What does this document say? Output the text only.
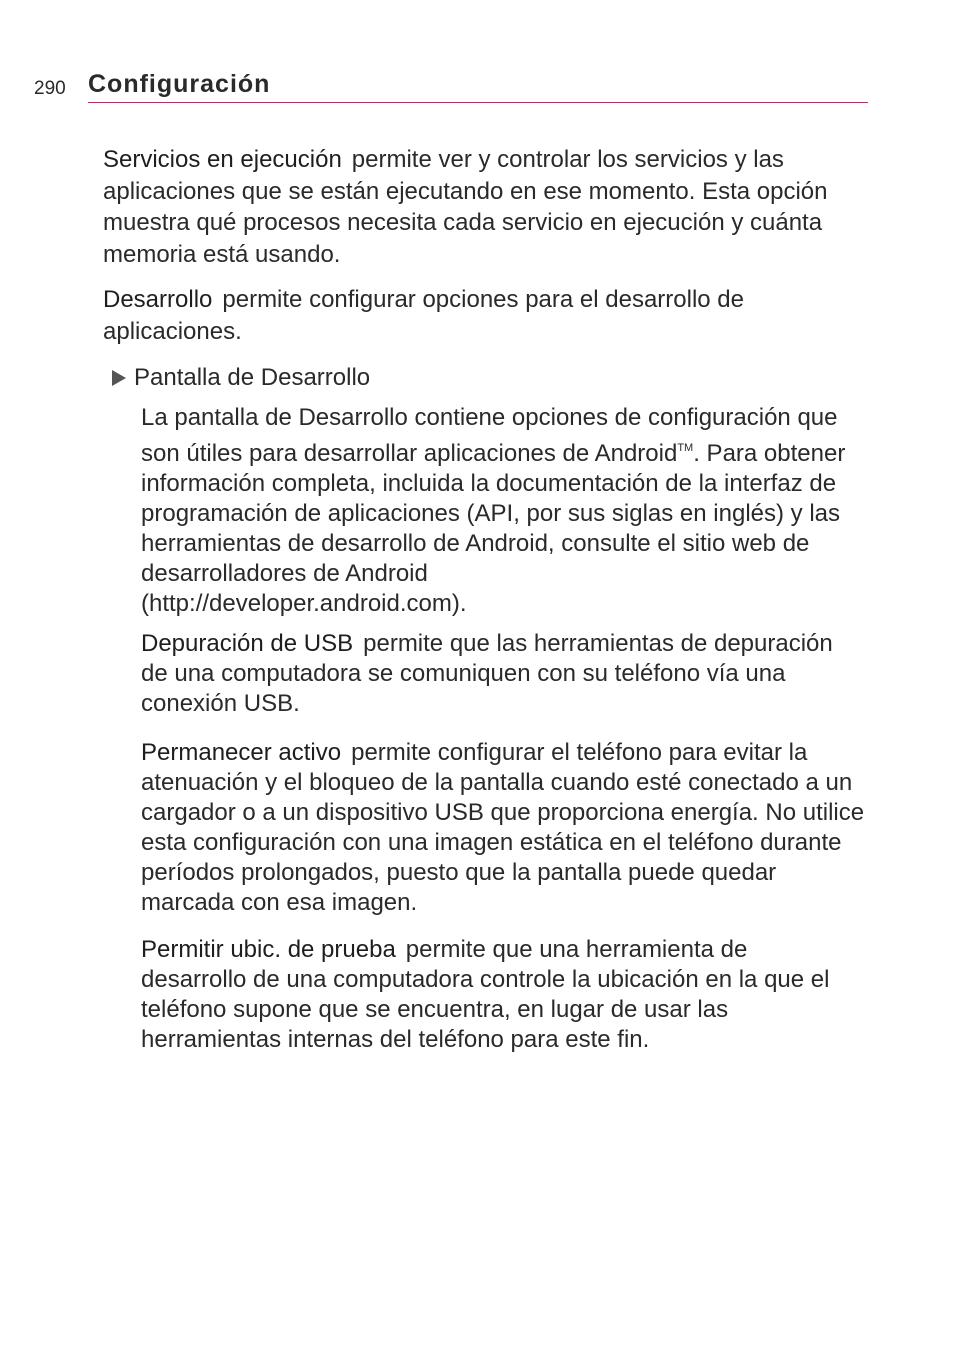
290 Configuración
Servicios en ejecución permite ver y controlar los servicios y las aplicaciones que se están ejecutando en ese momento. Esta opción muestra qué procesos necesita cada servicio en ejecución y cuánta memoria está usando.
Desarrollo permite configurar opciones para el desarrollo de aplicaciones.
Pantalla de Desarrollo
La pantalla de Desarrollo contiene opciones de configuración que son útiles para desarrollar aplicaciones de Android™. Para obtener información completa, incluida la documentación de la interfaz de programación de aplicaciones (API, por sus siglas en inglés) y las herramientas de desarrollo de Android, consulte el sitio web de desarrolladores de Android
(http://developer.android.com).
Depuración de USB permite que las herramientas de depuración de una computadora se comuniquen con su teléfono vía una conexión USB.
Permanecer activo permite configurar el teléfono para evitar la atenuación y el bloqueo de la pantalla cuando esté conectado a un cargador o a un dispositivo USB que proporciona energía. No utilice esta configuración con una imagen estática en el teléfono durante períodos prolongados, puesto que la pantalla puede quedar marcada con esa imagen.
Permitir ubic. de prueba permite que una herramienta de desarrollo de una computadora controle la ubicación en la que el teléfono supone que se encuentra, en lugar de usar las herramientas internas del teléfono para este fin.
